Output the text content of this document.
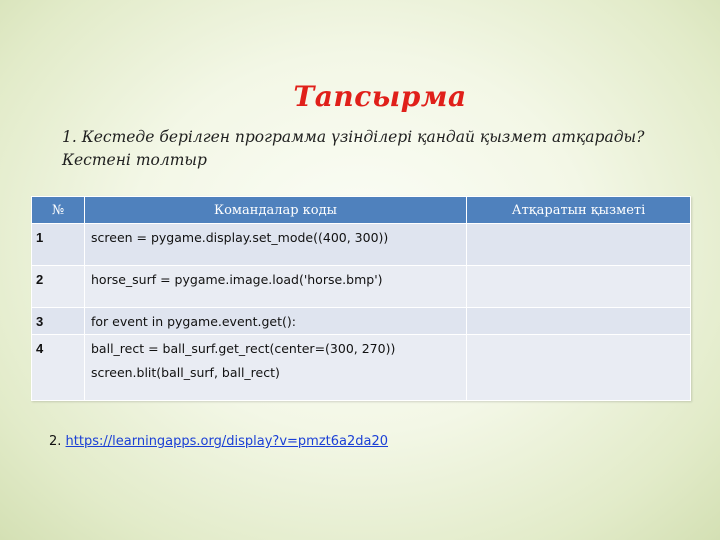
Тапсырма
1. Кестеде берілген программа үзінділері қандай қызмет атқарады?
Кестені толтыр
№	Командалар коды	Атқаратын қызметі
1	screen = pygame.display.set_mode((400, 300))	

2	horse_surf = pygame.image.load('horse.bmp')	

3	for event in pygame.event.get():	

4	ball_rect = ball_surf.get_rect(center=(300, 270))
screen.blit(ball_surf, ball_rect)	

2. https://learningapps.org/display?v=pmzt6a2da20
